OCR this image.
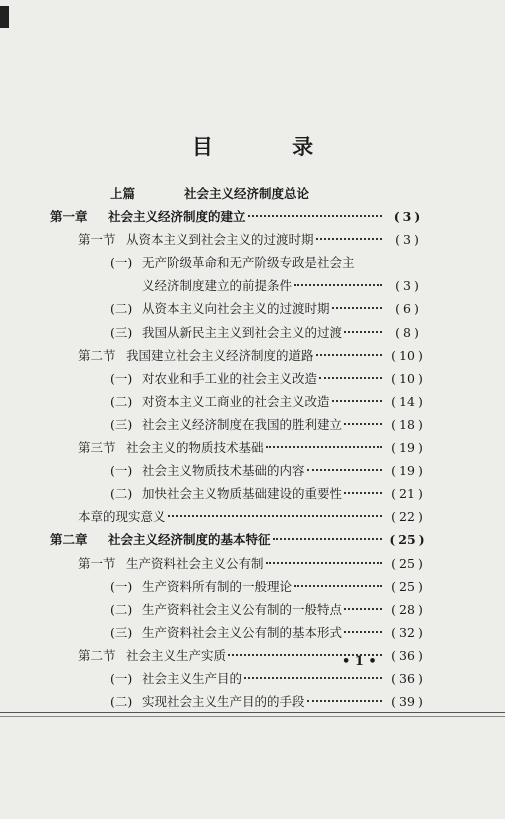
目 录
上篇	社会主义经济制度总论
第一章 社会主义经济制度的建立	( 3 )
第一节 从资本主义到社会主义的过渡时期	( 3 )
(一) 无产阶级革命和无产阶级专政是社会主
义经济制度建立的前提条件	( 3 )
(二) 从资本主义向社会主义的过渡时期	( 6 )
(三) 我国从新民主主义到社会主义的过渡	( 8 )
第二节 我国建立社会主义经济制度的道路	( 10 )
(一) 对农业和手工业的社会主义改造	( 10 )
(二) 对资本主义工商业的社会主义改造	( 14 )
(三) 社会主义经济制度在我国的胜利建立	( 18 )
第三节 社会主义的物质技术基础	( 19 )
(一) 社会主义物质技术基础的内容	( 19 )
(二) 加快社会主义物质基础建设的重要性	( 21 )
本章的现实意义	( 22 )
第二章 社会主义经济制度的基本特征	( 25 )
第一节 生产资料社会主义公有制	( 25 )
(一) 生产资料所有制的一般理论	( 25 )
(二) 生产资料社会主义公有制的一般特点	( 28 )
(三) 生产资料社会主义公有制的基本形式	( 32 )
第二节 社会主义生产实质	( 36 )
(一) 社会主义生产目的	( 36 )
(二) 实现社会主义生产目的的手段	( 39 )
• 1 •
